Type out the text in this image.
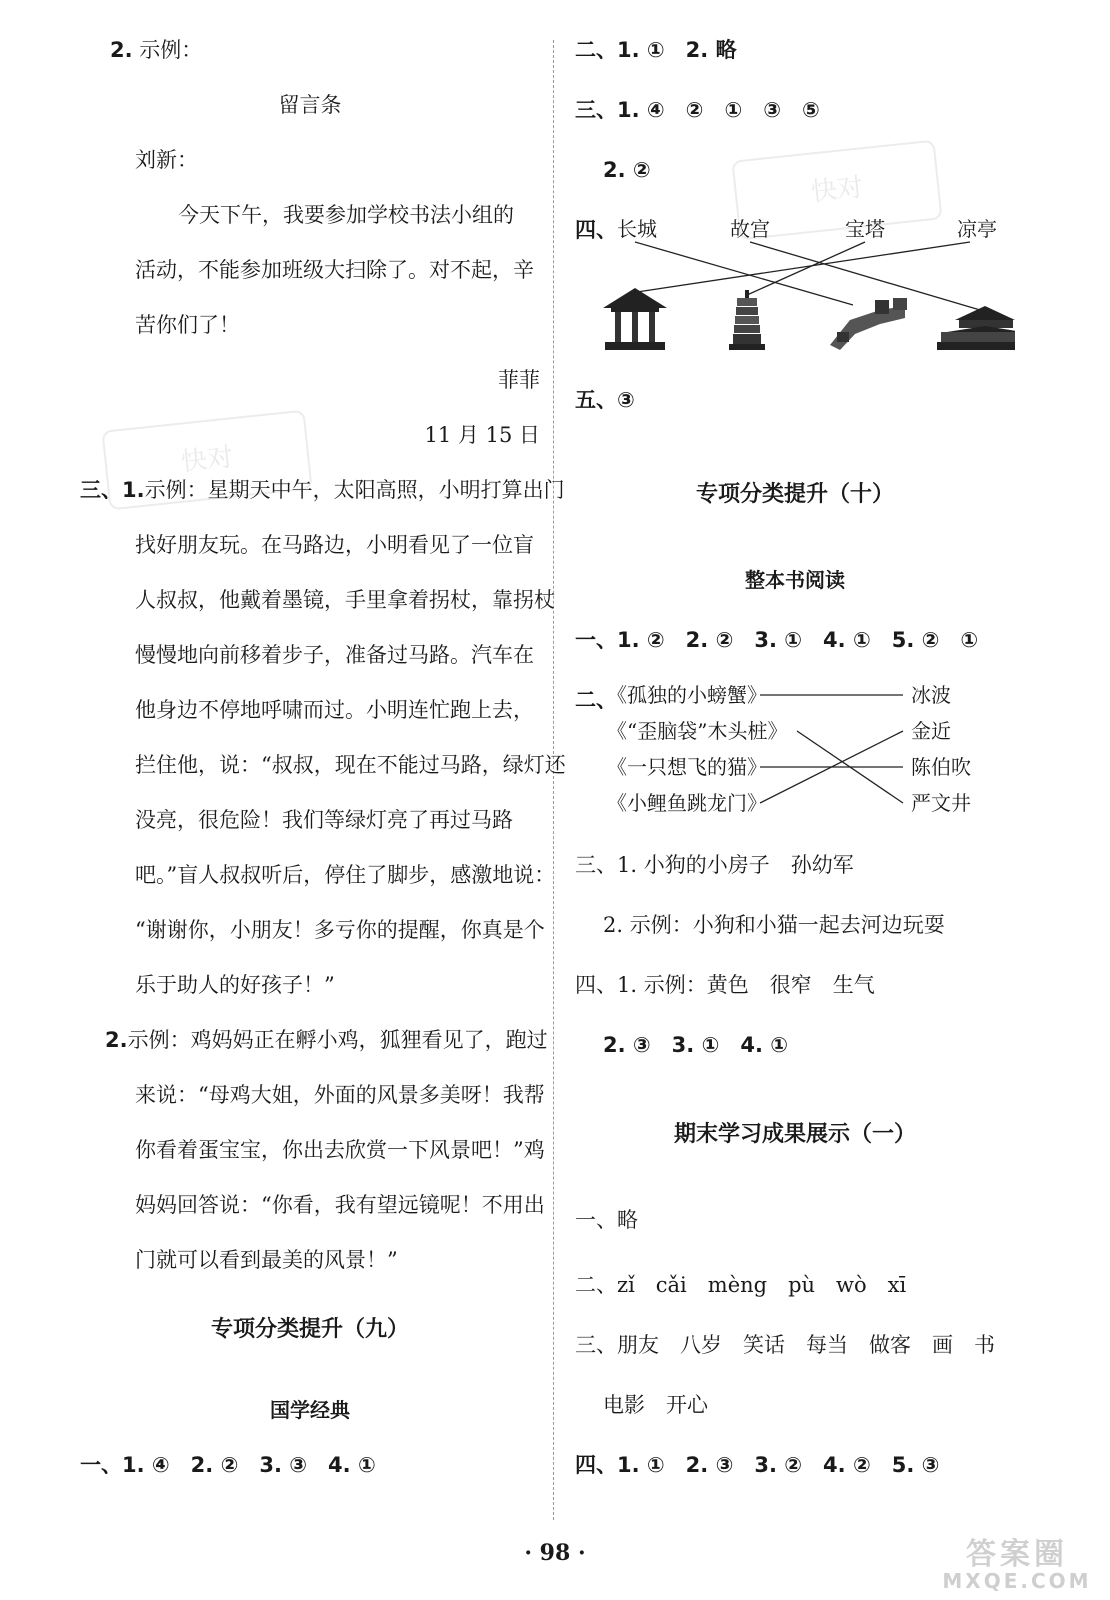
快对
快对
2. 示例：
留言条
刘新：
今天下午，我要参加学校书法小组的
活动，不能参加班级大扫除了。对不起，辛
苦你们了！
菲菲
11 月 15 日
三、1.示例：星期天中午，太阳高照，小明打算出门
找好朋友玩。在马路边，小明看见了一位盲
人叔叔，他戴着墨镜，手里拿着拐杖，靠拐杖
慢慢地向前移着步子，准备过马路。汽车在
他身边不停地呼啸而过。小明连忙跑上去，
拦住他，说：“叔叔，现在不能过马路，绿灯还
没亮，很危险！我们等绿灯亮了再过马路
吧。”盲人叔叔听后，停住了脚步，感激地说：
“谢谢你，小朋友！多亏你的提醒，你真是个
乐于助人的好孩子！”
2.示例：鸡妈妈正在孵小鸡，狐狸看见了，跑过
来说：“母鸡大姐，外面的风景多美呀！我帮
你看着蛋宝宝，你出去欣赏一下风景吧！”鸡
妈妈回答说：“你看，我有望远镜呢！不用出
门就可以看到最美的风景！”
专项分类提升（九）
国学经典
一、1. ④　2. ②　3. ③　4. ①
二、1. ①　2. 略
三、1. ④　②　①　③　⑤
2. ②
四、 长城	故宫	宝塔	凉亭
五、③
专项分类提升（十）
整本书阅读
一、1. ②　2. ②　3. ①　4. ①　5. ②　①
二、
《孤独的小螃蟹》
《“歪脑袋”木头桩》
《一只想飞的猫》
《小鲤鱼跳龙门》
冰波
金近
陈伯吹
严文井
三、1. 小狗的小房子　孙幼军
2. 示例：小狗和小猫一起去河边玩耍
四、1. 示例：黄色　很窄　生气
2. ③　3. ①　4. ①
期末学习成果展示（一）
一、略
二、zǐ　cǎi　mèng　pù　wò　xī
三、朋友　八岁　笑话　每当　做客　画　书
电影　开心
四、1. ①　2. ③　3. ②　4. ②　5. ③
· 98 ·	答案圈
MXQE.COM
